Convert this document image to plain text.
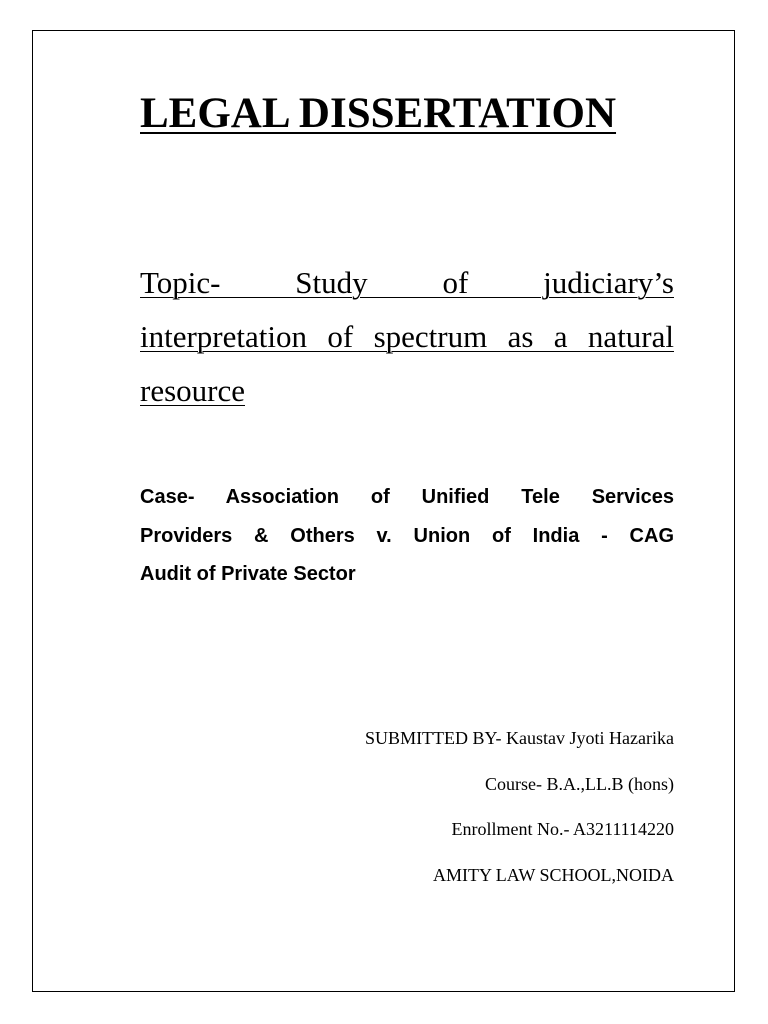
LEGAL DISSERTATION

Topic- Study of judiciary’s
interpretation of spectrum as a natural
resource

Case- Association of Unified Tele Services
Providers & Others v. Union of India - CAG
Audit of Private Sector

SUBMITTED BY- Kaustav Jyoti Hazarika
Course- B.A.,LL.B (hons)
Enrollment No.- A3211114220
AMITY LAW SCHOOL,NOIDA
